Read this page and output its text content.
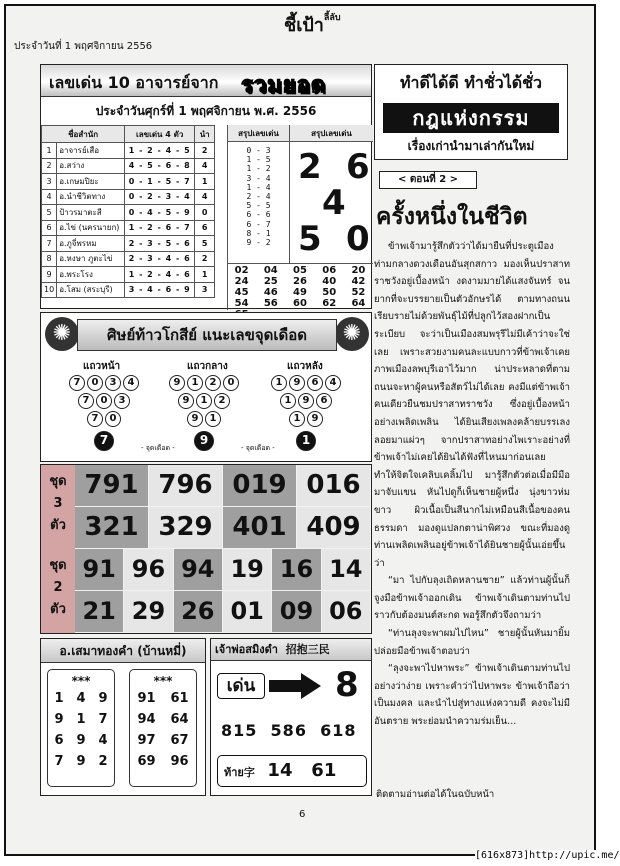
ประจำวันที่ 1 พฤศจิกายน 2556
ชี้เป้า$^{ลี้ลับ}$
เลขเด่น 10 อาจารย์จาก รวมยอด
ประจำวันศุกร์ที่ 1 พฤศจิกายน พ.ศ. 2556
ชื่อสำนัก		เลขเด่น 4 ตัว	นำ
1	อาจารย์เสือ	1 - 2 - 4 - 5	2
2	อ.สว่าง	4 - 5 - 6 - 8	4
3	อ.เกษมปิยะ	0 - 1 - 5 - 7	1
4	อ.นำชีวิตทาง	0 - 2 - 3 - 4	4
5	ป้าวรมาตะสี	0 - 4 - 5 - 9	0
6	อ.ไข่ (นครนายก)	1 - 2 - 6 - 7	6
7	อ.ภูจี่พรหม	2 - 3 - 5 - 6	5
8	อ.หงษา ภูตะไข่	2 - 3 - 4 - 6	2
9	อ.พระโรง	1 - 2 - 4 - 6	1
10	อ.โสม (สระบุรี)	3 - 4 - 6 - 9	3
สรุปเลขเด่น
0 - 3
1 - 5
1 - 2
3 - 4
1 - 4
2 - 4
5 - 5
6 - 6
6 - 7
8 - 1
9 - 2
สรุปเลขเด่น
2 6
4
5 0
02	04	05	06	20
24	25	26	40	42
45	46	49	50	52
54	56	60	62	64
ทำดีได้ดี ทำชั่วได้ชั่ว
กฎแห่งกรรม
เรื่องเก่านำมาเล่ากันใหม่
< ตอนที่ 2 >
ครั้งหนึ่งในชีวิต

ข้าพเจ้ามารู้สึกตัวว่าได้มายืนที่ประตูเมืองท่ามกลางดวงเดือนอันสุกสกาว มองเห็นปราสาทราชวังอยู่เบื้องหน้า งดงามมายได้แสงจันทร์ จนยากที่จะบรรยายเป็นตัวอักษรได้ ตามทางถนนเรียบรายไม่ด้วยพันธุ์ไม้ที่ปลูกไว้สองฝากเป็นระเบียบ จะว่าเป็นเมืองสมพรุรีไม่มีเค้าว่าจะใช่เลย เพราะสวยงามคนละแบบกาวที่ข้าพเจ้าเคยภาพเมืองลพบุรีเอาไว้มาก น่าประหลาดที่ตามถนนจะหาผู้คนหรือสัตว์ไม่ได้เลย คงมีแต่ข้าพเจ้าคนเดียวยืนชมปราสาทราชวัง ซึ่งอยู่เบื้องหน้าอย่างเพลิดเพลิน ได้ยินเสียงเพลงคล้ายบรรเลงลอยมาแผ่วๆ จากปราสาทอย่างไพเราะอย่างที่ข้าพเจ้าไม่เคยได้ยินได้ฟังที่ไหนมาก่อนเลย ทำให้จิตใจเคลิบเคลิ้มไป มารู้สึกตัวต่อเมื่อมีมือมาจับแขน หันไปดูก็เห็นชายผู้หนึ่ง นุ่งขาวห่มขาว ผิวเนื้อเป็นสีนากไม่เหมือนสีเนื้อของคนธรรมดา มองดูแปลกตาน่าพิศวง ขณะที่มองดูท่านเพลิดเพลินอยู่ข้าพเจ้าได้ยินชายผู้นั้นเอ่ยขึ้นว่า

“มา ไปกับลุงเถิดหลานชาย” แล้วท่านผู้นั้นก็จูงมือข้าพเจ้าออกเดิน ข้าพเจ้าเดินตามท่านไปราวกับต้องมนต์สะกด พอรู้สึกตัวจึงถามว่า

“ท่านลุงจะพาผมไปไหน” ชายผู้นั้นหันมายิ้มปล่อยมือข้าพเจ้าตอบว่า

“ลุงจะพาไปหาพระ” ข้าพเจ้าเดินตามท่านไปอย่างว่าง่าย เพราะคำว่าไปหาพระ ข้าพเจ้าถือว่าเป็นมงคล และนำไปสู่ทางแห่งความดี คงจะไม่มีอันตราย พระย่อมนำความร่มเย็น...

ติดตามอ่านต่อได้ในฉบับหน้า
✺	✺
ศิษย์ท้าวโกสีย์ แนะเลขจุดเดือด
แถวหน้า	แถวกลาง	แถวหลัง
7	0	3	4
7	0	3
7	0
7
9	1	2	0
9	1	2
9	1
9
1	9	6	4
1	9	6
1	9
1
- จุดเดือด -	- จุดเดือด -
ชุด
3
ตัว
ชุด
2
ตัว
791 796 019 016
321 329 401 409
91 96 94 19 16 14
21 29 26 01 09 06
อ.เสมาทองคำ (บ้านหมี่)
***
1 4 9
9 1 7
6 9 4
7 9 2
***
91 61
94 64
97 67
69 96
เจ้าพ่อสมิงดำ 招抱三民
เด่น 8
815 586 618
ท้าย字 14 61
6
[616x873]http://upic.me/
